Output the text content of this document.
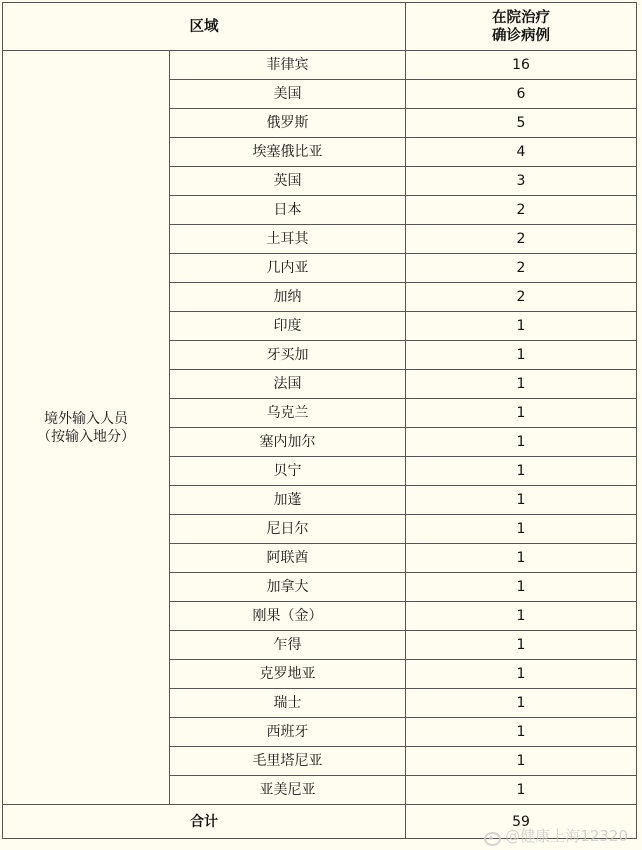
区域		在院治疗
确诊病例

境外输入人员
（按输入地分）	菲律宾	16
	美国	6
	俄罗斯	5
	埃塞俄比亚	4
	英国	3
	日本	2
	土耳其	2
	几内亚	2
	加纳	2
	印度	1
	牙买加	1
	法国	1
	乌克兰	1
	塞内加尔	1
	贝宁	1
	加蓬	1
	尼日尔	1
	阿联酋	1
	加拿大	1
	刚果（金）	1
	乍得	1
	克罗地亚	1
	瑞士	1
	西班牙	1
	毛里塔尼亚	1
	亚美尼亚	1
合计		59
@健康上海12320
